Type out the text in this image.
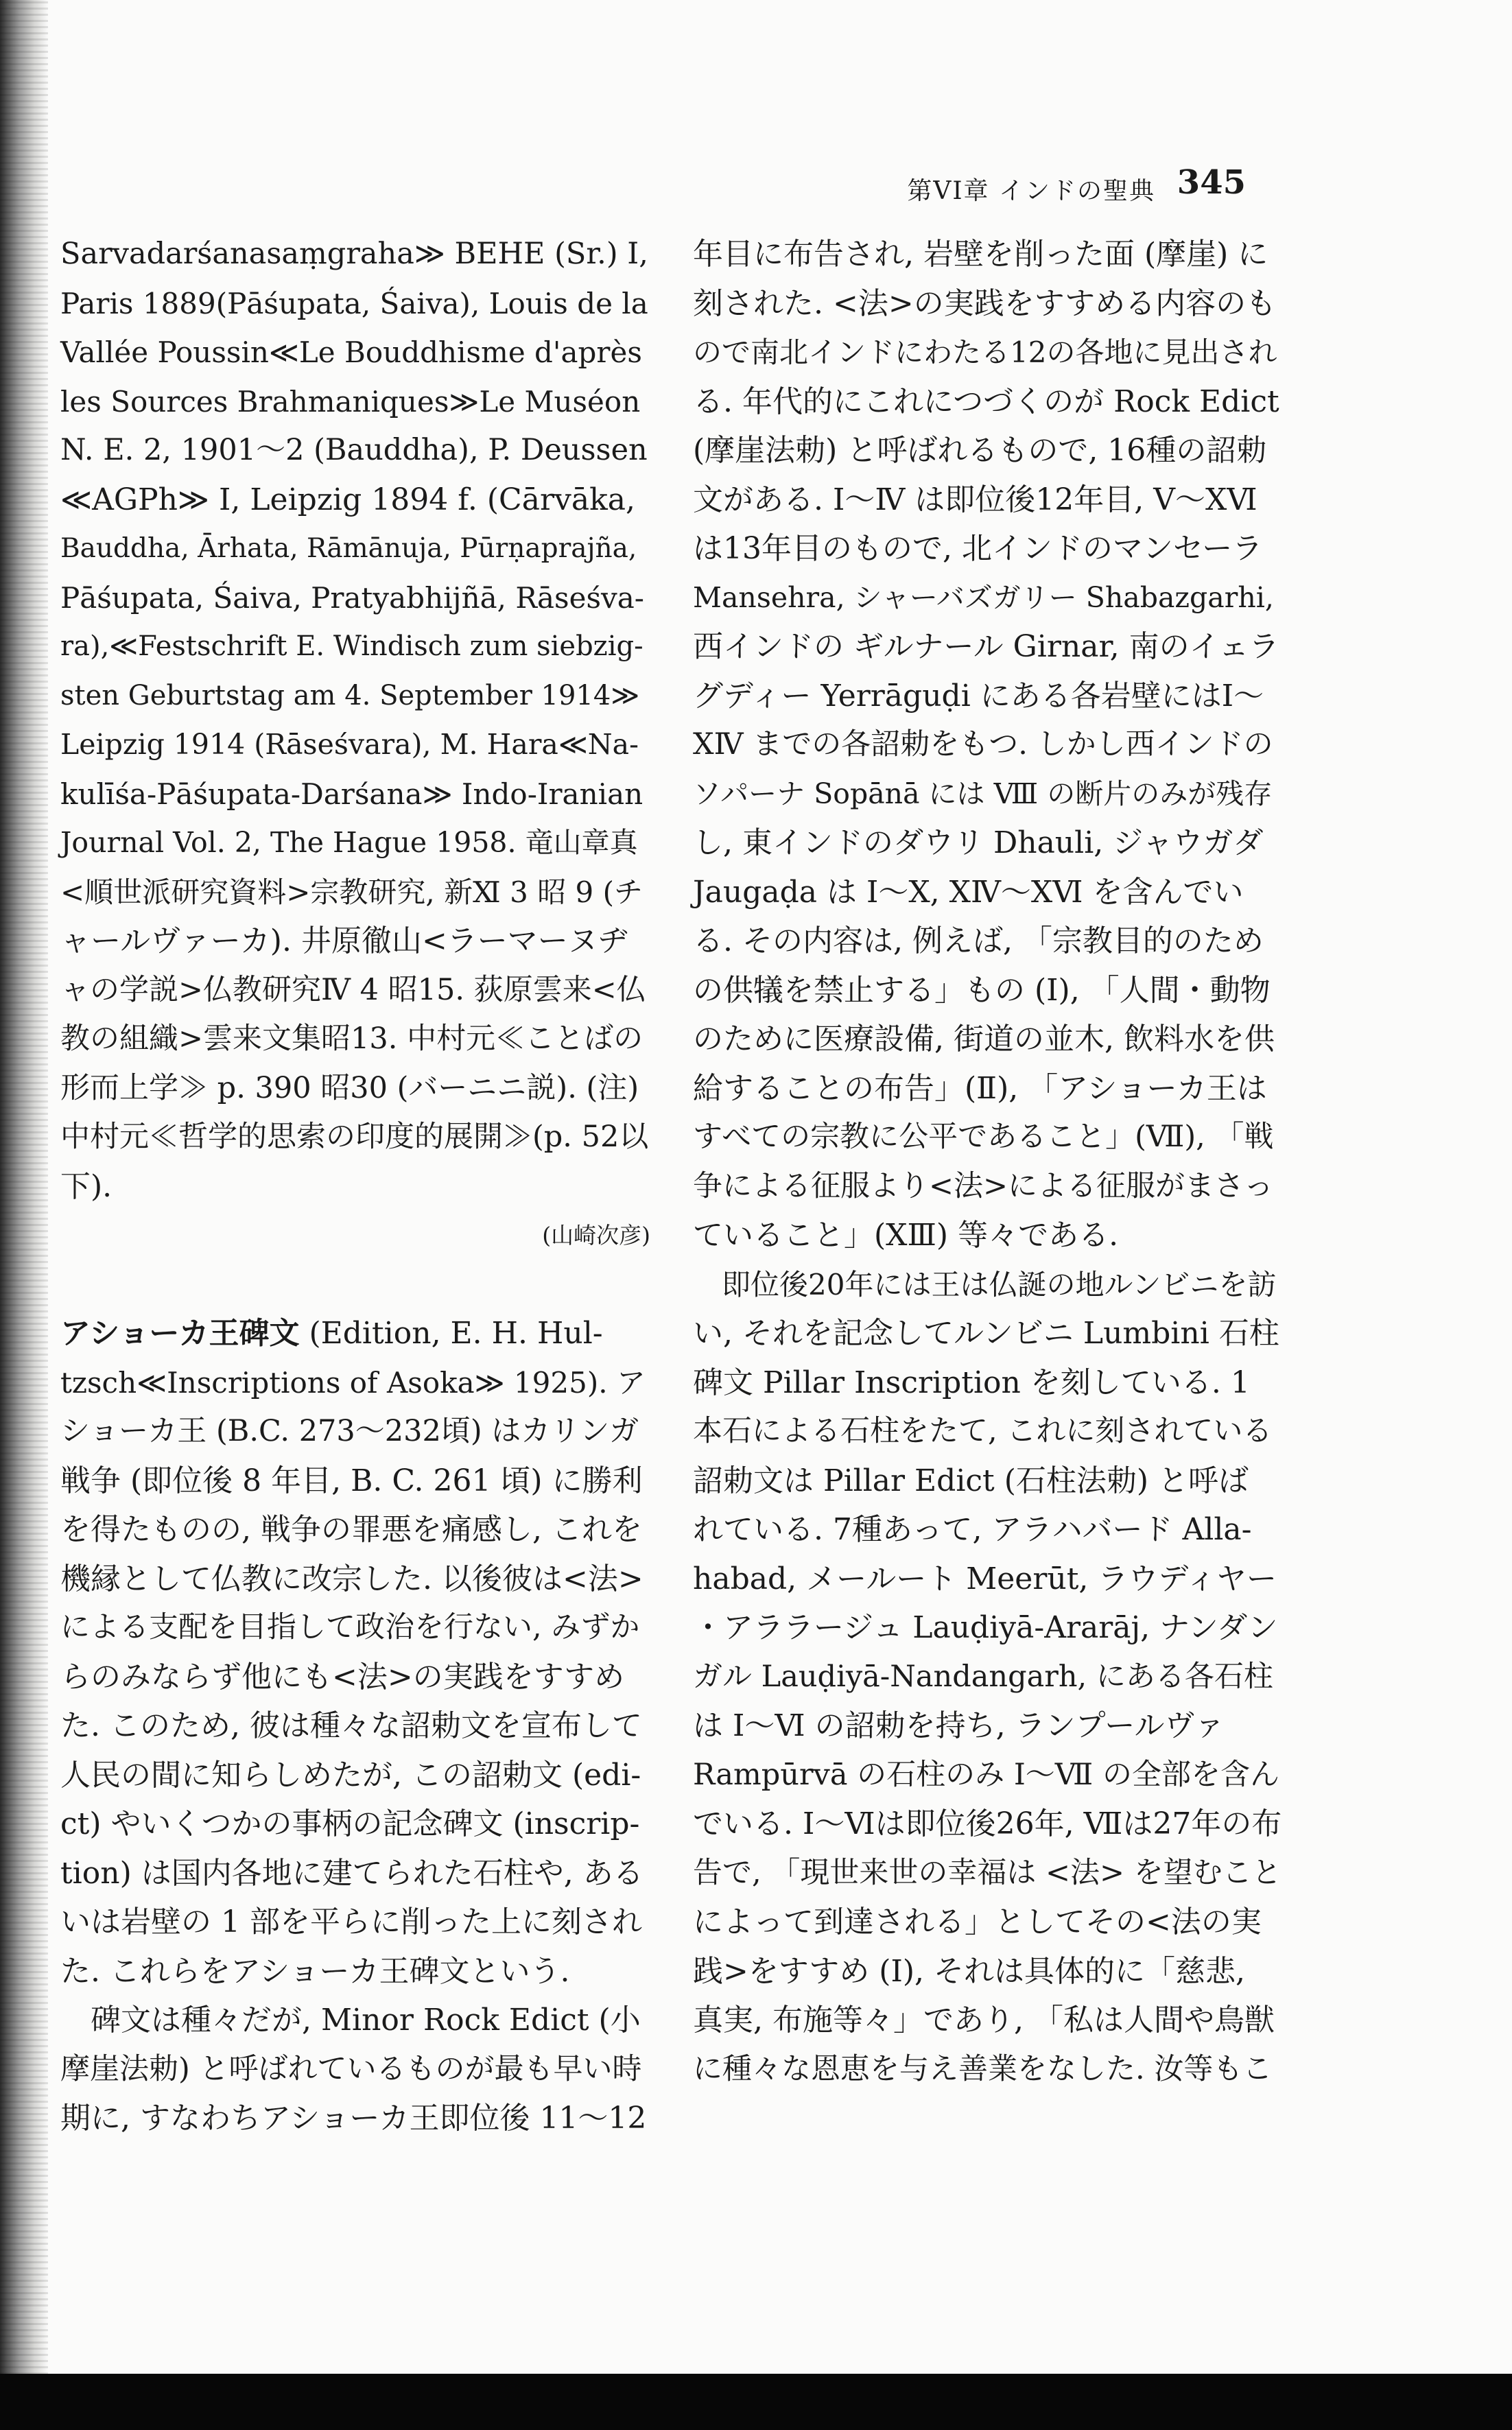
第VI章 インドの聖典 345
Sarvadarśanasaṃgraha≫ BEHE (Sr.) Ⅰ,
Paris 1889(Pāśupata, Śaiva), Louis de la
Vallée Poussin≪Le Bouddhisme d'après
les Sources Brahmaniques≫Le Muséon
N. E. 2, 1901〜2 (Bauddha), P. Deussen
≪AGPh≫ Ⅰ, Leipzig 1894 f. (Cārvāka,
Bauddha, Ārhata, Rāmānuja, Pūrṇaprajña,
Pāśupata, Śaiva, Pratyabhijñā, Rāseśva-
ra),≪Festschrift E. Windisch zum siebzig-
sten Geburtstag am 4. September 1914≫
Leipzig 1914 (Rāseśvara), M. Hara≪Na-
kulīśa-Pāśupata-Darśana≫ Indo-Iranian
Journal Vol. 2, The Hague 1958. 竜山章真
<順世派研究資料>宗教研究, 新Ⅺ 3 昭 9 (チ
ャールヴァーカ). 井原徹山<ラーマーヌヂ
ャの学説>仏教研究Ⅳ 4 昭15. 荻原雲来<仏
教の組織>雲来文集昭13. 中村元≪ことばの
形而上学≫ p. 390 昭30 (バーニニ説). (注)
中村元≪哲学的思索の印度的展開≫(p. 52以
下).
(山崎次彦)
アショーカ王碑文 (Edition, E. H. Hul-
tzsch≪Inscriptions of Asoka≫ 1925). ア
ショーカ王 (B.C. 273〜232頃) はカリンガ
戦争 (即位後 8 年目, B. C. 261 頃) に勝利
を得たものの, 戦争の罪悪を痛感し, これを
機縁として仏教に改宗した. 以後彼は<法>
による支配を目指して政治を行ない, みずか
らのみならず他にも<法>の実践をすすめ
た. このため, 彼は種々な詔勅文を宣布して
人民の間に知らしめたが, この詔勅文 (edi-
ct) やいくつかの事柄の記念碑文 (inscrip-
tion) は国内各地に建てられた石柱や, ある
いは岩壁の 1 部を平らに削った上に刻され
た. これらをアショーカ王碑文という.
　碑文は種々だが, Minor Rock Edict (小
摩崖法勅) と呼ばれているものが最も早い時
期に, すなわちアショーカ王即位後 11〜12
年目に布告され, 岩壁を削った面 (摩崖) に
刻された. <法>の実践をすすめる内容のも
ので南北インドにわたる12の各地に見出され
る. 年代的にこれにつづくのが Rock Edict
(摩崖法勅) と呼ばれるもので, 16種の詔勅
文がある. Ⅰ〜Ⅳ は即位後12年目, Ⅴ〜ⅩⅥ
は13年目のもので, 北インドのマンセーラ
Mansehra, シャーバズガリー Shabazgarhi,
西インドの ギルナール Girnar, 南のイェラ
グディー Yerrāguḍi にある各岩壁にはⅠ〜
ⅩⅣ までの各詔勅をもつ. しかし西インドの
ソパーナ Sopānā には Ⅷ の断片のみが残存
し, 東インドのダウリ Dhauli, ジャウガダ
Jaugaḍa は Ⅰ〜Ⅹ, ⅩⅣ〜ⅩⅥ を含んでい
る. その内容は, 例えば, 「宗教目的のため
の供犠を禁止する」もの (Ⅰ), 「人間・動物
のために医療設備, 街道の並木, 飲料水を供
給することの布告」(Ⅱ), 「アショーカ王は
すべての宗教に公平であること」(Ⅶ), 「戦
争による征服より<法>による征服がまさっ
ていること」(ⅩⅢ) 等々である.
　即位後20年には王は仏誕の地ルンビニを訪
い, それを記念してルンビニ Lumbini 石柱
碑文 Pillar Inscription を刻している. 1
本石による石柱をたて, これに刻されている
詔勅文は Pillar Edict (石柱法勅) と呼ば
れている. 7種あって, アラハバード Alla-
habad, メールート Meerūt, ラウディヤー
・アララージュ Lauḍiyā-Ararāj, ナンダン
ガル Lauḍiyā-Nandangarh, にある各石柱
は Ⅰ〜Ⅵ の詔勅を持ち, ランプールヴァ
Rampūrvā の石柱のみ Ⅰ〜Ⅶ の全部を含ん
でいる. Ⅰ〜Ⅵは即位後26年, Ⅶは27年の布
告で, 「現世来世の幸福は <法> を望むこと
によって到達される」としてその<法の実
践>をすすめ (Ⅰ), それは具体的に「慈悲,
真実, 布施等々」であり, 「私は人間や鳥獣
に種々な恩恵を与え善業をなした. 汝等もこ
